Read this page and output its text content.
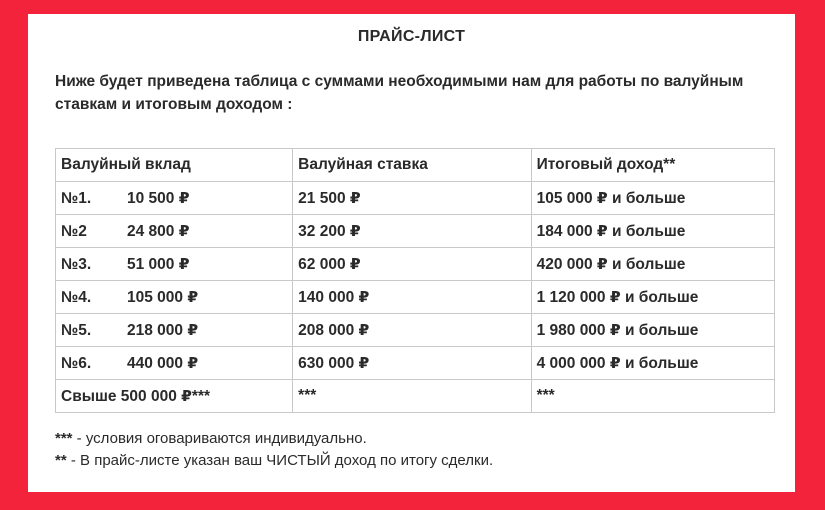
ПРАЙС-ЛИСТ
Ниже будет приведена таблица с суммами необходимыми нам для работы по валуйным ставкам и итоговым доходом :
Валуйный вклад	Валуйная ставка	Итоговый доход**
№1. 10 500 ₽	21 500 ₽	105 000 ₽ и больше
№2 24 800 ₽	32 200 ₽	184 000 ₽ и больше
№3. 51 000 ₽	62 000 ₽	420 000 ₽ и больше
№4. 105 000 ₽	140 000 ₽	1 120 000 ₽ и больше
№5. 218 000 ₽	208 000 ₽	1 980 000 ₽ и больше
№6. 440 000 ₽	630 000 ₽	4 000 000 ₽ и больше
Свыше 500 000 ₽***	***	***
*** - условия оговариваются индивидуально.
** - В прайс-листе указан ваш ЧИСТЫЙ доход по итогу сделки.
